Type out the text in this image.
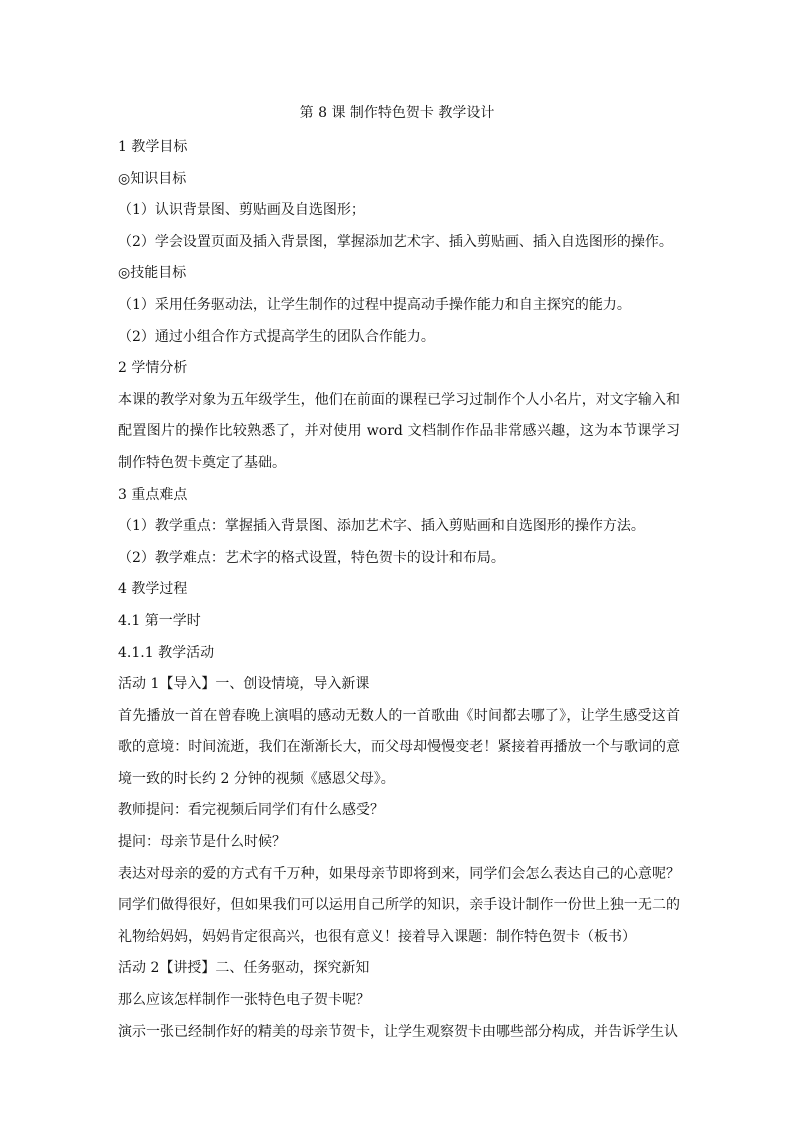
第 8 课 制作特色贺卡 教学设计

1 教学目标

◎知识目标

（1）认识背景图、剪贴画及自选图形；

（2）学会设置页面及插入背景图，掌握添加艺术字、插入剪贴画、插入自选图形的操作。

◎技能目标

（1）采用任务驱动法，让学生制作的过程中提高动手操作能力和自主探究的能力。

（2）通过小组合作方式提高学生的团队合作能力。

2 学情分析

本课的教学对象为五年级学生，他们在前面的课程已学习过制作个人小名片，对文字输入和配置图片的操作比较熟悉了，并对使用 word 文档制作作品非常感兴趣，这为本节课学习制作特色贺卡奠定了基础。

3 重点难点

（1）教学重点：掌握插入背景图、添加艺术字、插入剪贴画和自选图形的操作方法。

（2）教学难点：艺术字的格式设置，特色贺卡的设计和布局。

4 教学过程

4.1 第一学时

4.1.1 教学活动

活动 1【导入】一、创设情境，导入新课

首先播放一首在曾春晚上演唱的感动无数人的一首歌曲《时间都去哪了》，让学生感受这首歌的意境：时间流逝，我们在渐渐长大，而父母却慢慢变老！紧接着再播放一个与歌词的意境一致的时长约 2 分钟的视频《感恩父母》。

教师提问：看完视频后同学们有什么感受？

提问：母亲节是什么时候？

表达对母亲的爱的方式有千万种，如果母亲节即将到来，同学们会怎么表达自己的心意呢？同学们做得很好，但如果我们可以运用自己所学的知识，亲手设计制作一份世上独一无二的礼物给妈妈，妈妈肯定很高兴，也很有意义！接着导入课题：制作特色贺卡（板书）

活动 2【讲授】二、任务驱动，探究新知

那么应该怎样制作一张特色电子贺卡呢？

演示一张已经制作好的精美的母亲节贺卡，让学生观察贺卡由哪些部分构成，并告诉学生认
